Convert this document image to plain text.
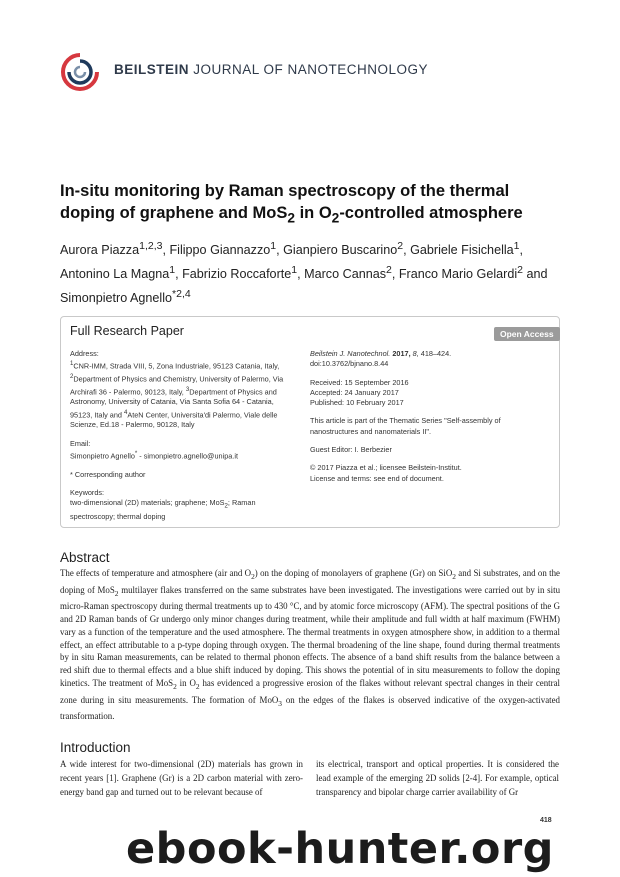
BEILSTEIN JOURNAL OF NANOTECHNOLOGY
In-situ monitoring by Raman spectroscopy of the thermal
doping of graphene and MoS$_2$ in $O_2$-controlled atmosphere
Aurora Piazza$^{1,2,3}$, Filippo Giannazzo$^1$, Gianpiero Buscarino$^2$, Gabriele Fisichella$^1$, Antonino La Magna$^1$, Fabrizio Roccaforte$^1$, Marco Cannas$^2$, Franco Mario Gelardi$^2$ and Simonpietro Agnello$^{*2,4}$
Full Research Paper	Open Access
Address:
$^1$CNR-IMM, Strada VIII, 5, Zona Industriale, 95123 Catania, Italy, $^2$Department of Physics and Chemistry, University of Palermo, Via Archirafi 36 - Palermo, 90123, Italy, $^3$Department of Physics and Astronomy, University of Catania, Via Santa Sofia 64 - Catania, 95123, Italy and $^4$AteN Center, Universita'di Palermo, Viale delle Scienze, Ed.18 - Palermo, 90128, Italy
Email:
Simonpietro Agnello* - simonpietro.agnello@unipa.it
* Corresponding author
Keywords:
two-dimensional (2D) materials; graphene; MoS$_2$; Raman spectroscopy; thermal doping
Beilstein J. Nanotechnol. 2017, 8, 418–424.
doi:10.3762/bjnano.8.44
Received: 15 September 2016
Accepted: 24 January 2017
Published: 10 February 2017
This article is part of the Thematic Series "Self-assembly of nanostructures and nanomaterials II".
Guest Editor: I. Berbezier
© 2017 Piazza et al.; licensee Beilstein-Institut.
License and terms: see end of document.
Abstract
The effects of temperature and atmosphere (air and $O_2$) on the doping of monolayers of graphene (Gr) on SiO$_2$ and Si substrates, and on the doping of MoS$_2$ multilayer flakes transferred on the same substrates have been investigated. The investigations were carried out by in situ micro-Raman spectroscopy during thermal treatments up to 430 °C, and by atomic force microscopy (AFM). The spectral positions of the G and 2D Raman bands of Gr undergo only minor changes during treatment, while their amplitude and full width at half maximum (FWHM) vary as a function of the temperature and the used atmosphere. The thermal treatments in oxygen atmosphere show, in addition to a thermal effect, an effect attributable to a p-type doping through oxygen. The thermal broadening of the line shape, found during thermal treatments by in situ Raman measurements, can be related to thermal phonon effects. The absence of a band shift results from the balance between a red shift due to thermal effects and a blue shift induced by doping. This shows the potential of in situ measurements to follow the doping kinetics. The treatment of MoS$_2$ in $O_2$ has evidenced a progressive erosion of the flakes without relevant spectral changes in their central zone during in situ measurements. The formation of MoO$_3$ on the edges of the flakes is observed indicative of the oxygen-activated transformation.
Introduction
A wide interest for two-dimensional (2D) materials has grown in recent years [1]. Graphene (Gr) is a 2D carbon material with zero-energy band gap and turned out to be relevant because of
its electrical, transport and optical properties. It is considered the lead example of the emerging 2D solids [2-4]. For example, optical transparency and bipolar charge carrier availability of Gr
418
ebook-hunter.org
